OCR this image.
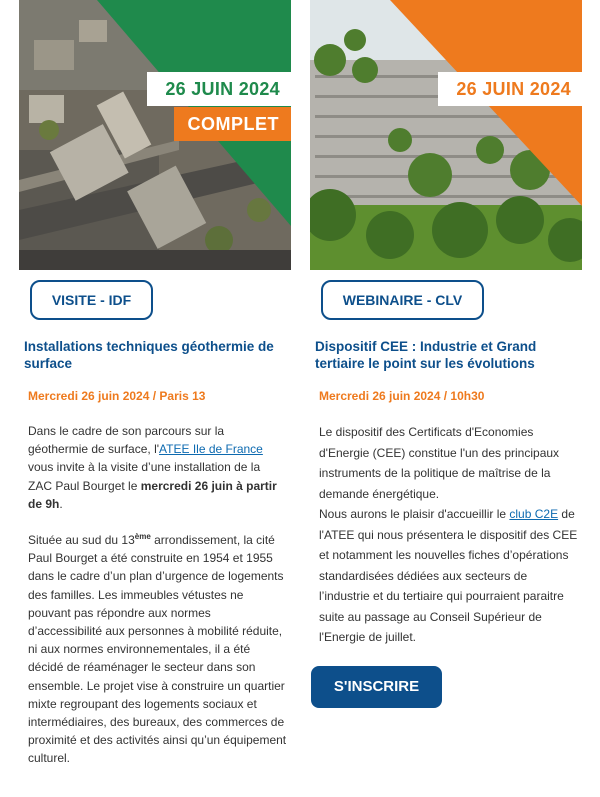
26 JUIN 2024
COMPLET
VISITE - IDF
Installations techniques géothermie de surface
Mercredi 26 juin 2024 / Paris 13
Dans le cadre de son parcours sur la géothermie de surface, l'ATEE Ile de France vous invite à la visite d’une installation de la ZAC Paul Bourget le mercredi 26 juin à partir de 9h.
Située au sud du 13ème arrondissement, la cité Paul Bourget a été construite en 1954 et 1955 dans le cadre d’un plan d’urgence de logements des familles. Les immeubles vétustes ne pouvant pas répondre aux normes d’accessibilité aux personnes à mobilité réduite, ni aux normes environnementales, il a été décidé de réaménager le secteur dans son ensemble. Le projet vise à construire un quartier mixte regroupant des logements sociaux et intermédiaires, des bureaux, des commerces de proximité et des activités ainsi qu’un équipement culturel.
26 JUIN 2024
WEBINAIRE - CLV
Dispositif CEE : Industrie et Grand tertiaire le point sur les évolutions
Mercredi 26 juin 2024 / 10h30
Le dispositif des Certificats d'Economies d'Energie (CEE) constitue l'un des principaux instruments de la politique de maîtrise de la demande énergétique.
Nous aurons le plaisir d'accueillir le club C2E de l'ATEE qui nous présentera le dispositif des CEE et notamment les nouvelles fiches d’opérations standardisées dédiées aux secteurs de l’industrie et du tertiaire qui pourraient paraitre suite au passage au Conseil Supérieur de l'Energie de juillet.
S'INSCRIRE
